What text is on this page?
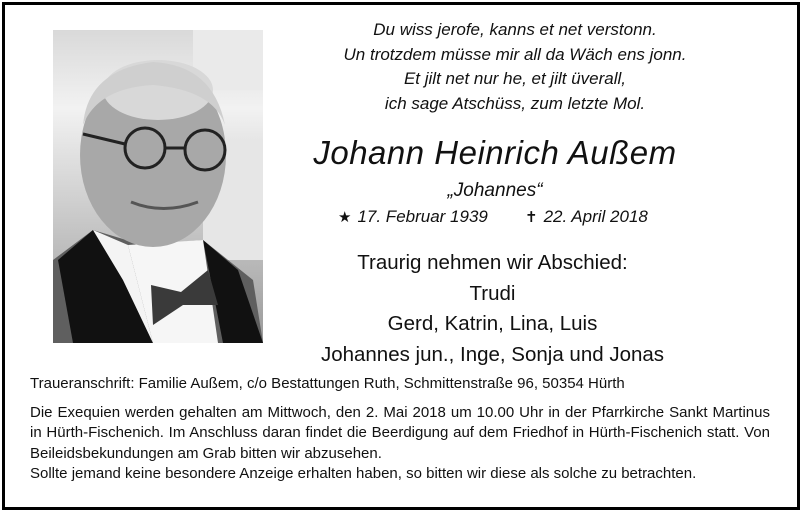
Du wiss jerofe, kanns et net verstonn.
Un trotzdem müsse mir all da Wäch ens jonn.
Et jilt net nur he, et jilt üverall,
ich sage Atschüss, zum letzte Mol.
Johann Heinrich Außem
„Johannes“
★ 17. Februar 1939 ✝ 22. April 2018
Traurig nehmen wir Abschied:
Trudi
Gerd, Katrin, Lina, Luis
Johannes jun., Inge, Sonja und Jonas

Traueranschrift: Familie Außem, c/o Bestattungen Ruth, Schmittenstraße 96, 50354 Hürth

Die Exequien werden gehalten am Mittwoch, den 2. Mai 2018 um 10.00 Uhr in der Pfarrkirche Sankt Martinus in Hürth-Fischenich. Im Anschluss daran findet die Beerdigung auf dem Friedhof in Hürth-Fischenich statt. Von Beileidsbekundungen am Grab bitten wir abzusehen.

Sollte jemand keine besondere Anzeige erhalten haben, so bitten wir diese als solche zu betrachten.
